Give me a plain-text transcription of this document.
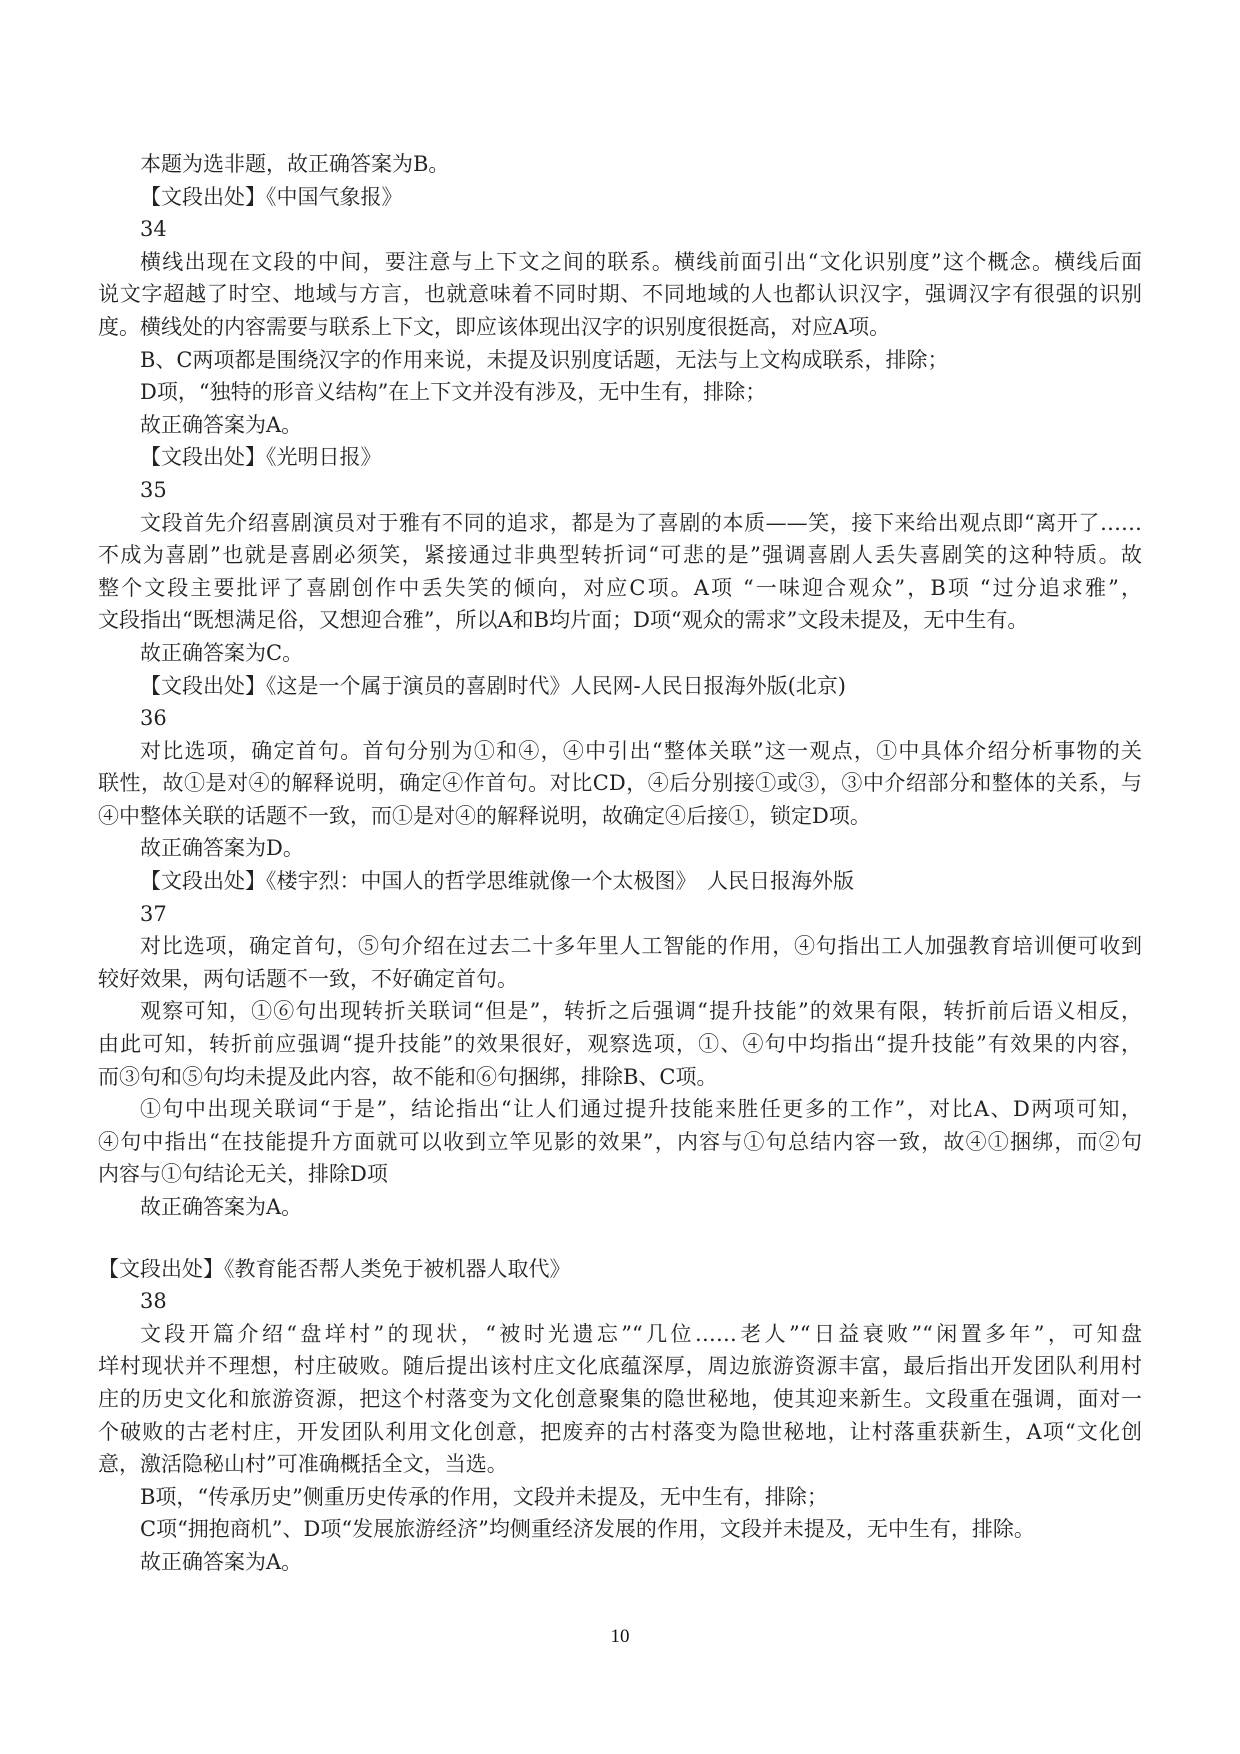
本题为选非题，故正确答案为B。
【文段出处】《中国气象报》
34
横线出现在文段的中间，要注意与上下文之间的联系。横线前面引出“文化识别度”这个概念。横线后面
说文字超越了时空、地域与方言，也就意味着不同时期、不同地域的人也都认识汉字，强调汉字有很强的识别
度。横线处的内容需要与联系上下文，即应该体现出汉字的识别度很挺高，对应A项。
B、C两项都是围绕汉字的作用来说，未提及识别度话题，无法与上文构成联系，排除；
D项，“独特的形音义结构”在上下文并没有涉及，无中生有，排除；
故正确答案为A。
【文段出处】《光明日报》
35
文段首先介绍喜剧演员对于雅有不同的追求，都是为了喜剧的本质——笑，接下来给出观点即“离开了……
不成为喜剧”也就是喜剧必须笑，紧接通过非典型转折词“可悲的是”强调喜剧人丢失喜剧笑的这种特质。故
整个文段主要批评了喜剧创作中丢失笑的倾向，对应C项。A项 “一味迎合观众”，B项 “过分追求雅”，
文段指出“既想满足俗，又想迎合雅”，所以A和B均片面；D项“观众的需求”文段未提及，无中生有。
故正确答案为C。
【文段出处】《这是一个属于演员的喜剧时代》人民网-人民日报海外版(北京)
36
对比选项，确定首句。首句分别为①和④，④中引出“整体关联”这一观点，①中具体介绍分析事物的关
联性，故①是对④的解释说明，确定④作首句。对比CD，④后分别接①或③，③中介绍部分和整体的关系，与
④中整体关联的话题不一致，而①是对④的解释说明，故确定④后接①，锁定D项。
故正确答案为D。
【文段出处】《楼宇烈：中国人的哲学思维就像一个太极图》　人民日报海外版
37
对比选项，确定首句，⑤句介绍在过去二十多年里人工智能的作用，④句指出工人加强教育培训便可收到
较好效果，两句话题不一致，不好确定首句。
观察可知，①⑥句出现转折关联词“但是”，转折之后强调“提升技能”的效果有限，转折前后语义相反，
由此可知，转折前应强调“提升技能”的效果很好，观察选项，①、④句中均指出“提升技能”有效果的内容，
而③句和⑤句均未提及此内容，故不能和⑥句捆绑，排除B、C项。
①句中出现关联词“于是”，结论指出“让人们通过提升技能来胜任更多的工作”，对比A、D两项可知，
④句中指出“在技能提升方面就可以收到立竿见影的效果”，内容与①句总结内容一致，故④①捆绑，而②句
内容与①句结论无关，排除D项
故正确答案为A。
【文段出处】《教育能否帮人类免于被机器人取代》
38
文段开篇介绍“盘垟村”的现状，“被时光遗忘”“几位……老人”“日益衰败”“闲置多年”，可知盘
垟村现状并不理想，村庄破败。随后提出该村庄文化底蕴深厚，周边旅游资源丰富，最后指出开发团队利用村
庄的历史文化和旅游资源，把这个村落变为文化创意聚集的隐世秘地，使其迎来新生。文段重在强调，面对一
个破败的古老村庄，开发团队利用文化创意，把废弃的古村落变为隐世秘地，让村落重获新生，A项“文化创
意，激活隐秘山村”可准确概括全文，当选。
B项，“传承历史”侧重历史传承的作用，文段并未提及，无中生有，排除；
C项“拥抱商机”、D项“发展旅游经济”均侧重经济发展的作用，文段并未提及，无中生有，排除。
故正确答案为A。
10
